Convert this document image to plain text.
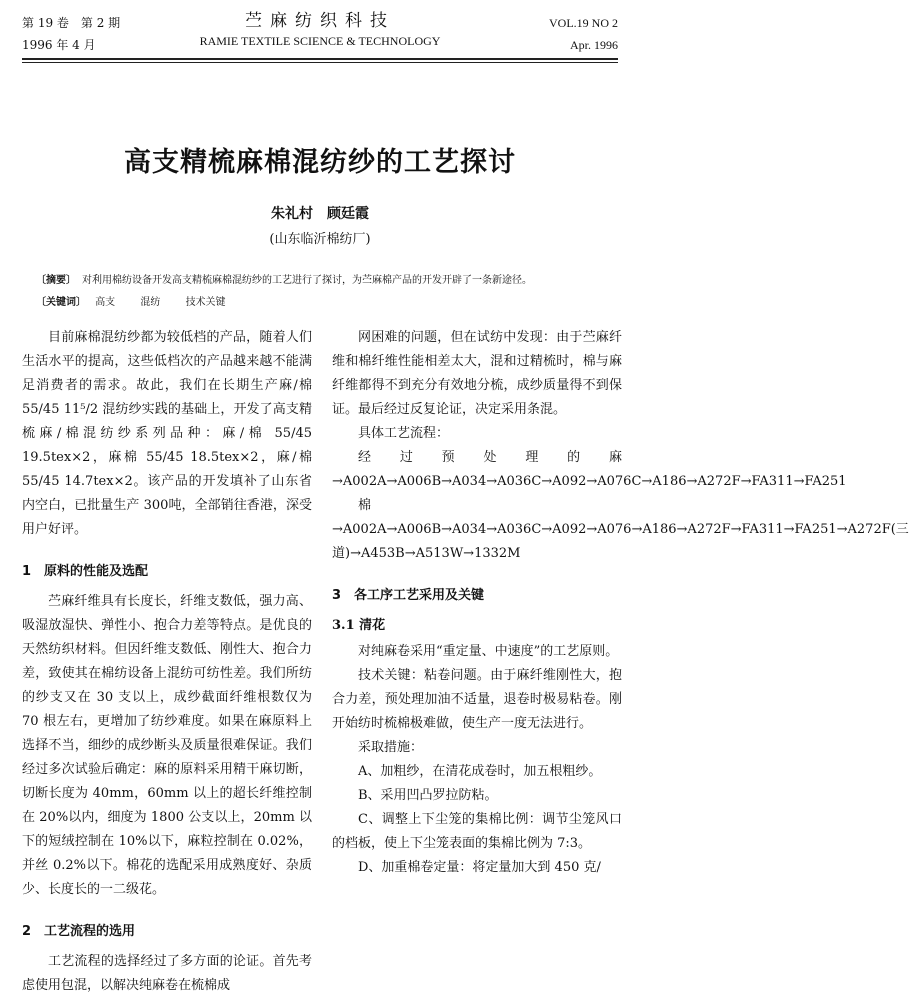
第 19 卷　第 2 期
1996 年 4 月
苎麻纺织科技
RAMIE TEXTILE SCIENCE & TECHNOLOGY
VOL.19 NO 2
Apr. 1996
高支精梳麻棉混纺纱的工艺探讨
朱礼村　顾廷霞
(山东临沂棉纺厂)
〔摘要〕 对利用棉纺设备开发高支精梳麻棉混纺纱的工艺进行了探讨，为苎麻棉产品的开发开辟了一条新途径。
〔关键词〕 高支	混纺	技术关键

目前麻棉混纺纱都为较低档的产品，随着人们生活水平的提高，这些低档次的产品越来越不能满足消费者的需求。故此，我们在长期生产麻/棉 55/45 11⁵/2 混纺纱实践的基础上，开发了高支精梳麻/棉混纺纱系列品种：麻/棉 55/45 19.5tex×2，麻棉 55/45 18.5tex×2，麻/棉 55/45 14.7tex×2。该产品的开发填补了山东省内空白，已批量生产 300吨，全部销往香港，深受用户好评。

1　原料的性能及选配

苎麻纤维具有长度长，纤维支数低，强力高、吸湿放湿快、弹性小、抱合力差等特点。是优良的天然纺织材料。但因纤维支数低、刚性大、抱合力差，致使其在棉纺设备上混纺可纺性差。我们所纺的纱支又在 30 支以上，成纱截面纤维根数仅为 70 根左右，更增加了纺纱难度。如果在麻原料上选择不当，细纱的成纱断头及质量很难保证。我们经过多次试验后确定：麻的原料采用精干麻切断，切断长度为 40mm，60mm 以上的超长纤维控制在 20%以内，细度为 1800 公支以上，20mm 以下的短绒控制在 10%以下，麻粒控制在 0.02%，并丝 0.2%以下。棉花的选配采用成熟度好、杂质少、长度长的一二级花。

2　工艺流程的选用

工艺流程的选择经过了多方面的论证。首先考虑使用包混，以解决纯麻卷在梳棉成

网困难的问题，但在试纺中发现：由于苎麻纤维和棉纤维性能相差太大，混和过精梳时，棉与麻纤维都得不到充分有效地分梳，成纱质量得不到保证。最后经过反复论证，决定采用条混。

具体工艺流程：

经过预处理的麻→A002A→A006B→A034→A036C→A092→A076C→A186→A272F→FA311→FA251

棉→A002A→A006B→A034→A036C→A092→A076→A186→A272F→FA311→FA251→A272F(三道)→A453B→A513W→1332M

3　各工序工艺采用及关键
3.1 清花

对纯麻卷采用“重定量、中速度”的工艺原则。

技术关键：粘卷问题。由于麻纤维刚性大，抱合力差，预处理加油不适量，退卷时极易粘卷。刚开始纺时梳棉极难做，使生产一度无法进行。

采取措施：

A、加粗纱，在清花成卷时，加五根粗纱。

B、采用凹凸罗拉防粘。

C、调整上下尘笼的集棉比例：调节尘笼风口的档板，使上下尘笼表面的集棉比例为 7:3。

D、加重棉卷定量：将定量加大到 450 克/
